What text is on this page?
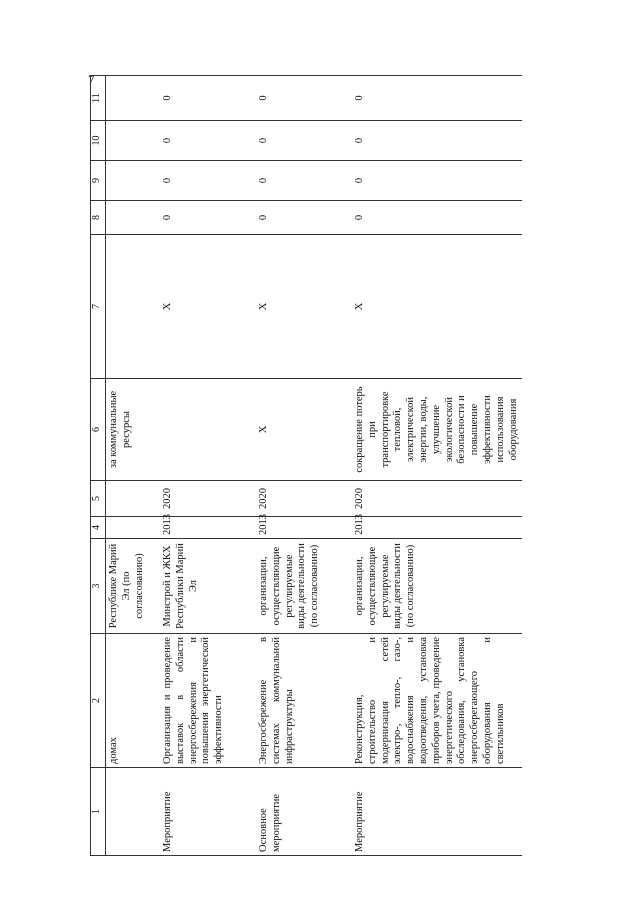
7
1	2	3	4	5	6	7	8	9	10	11
	домах	Республике Марий Эл (по согласованию)			за коммунальные ресурсы					
Мероприятие	Организация и проведение выставок в области энергосбережения и повышения энергетической эффективности	Минстрой и ЖКХ Республики Марий Эл	2013	2020		Х	0	0	0	0
Основное мероприятие	Энергосбережение в системах коммунальной инфраструктуры	организации, осуществляющие регулируемые виды деятельности (по согласованию)	2013	2020	Х	Х	0	0	0	0
Мероприятие	Реконструкция, строительство и модернизация сетей электро-, тепло-, газо-, водоснабжения и водоотведения, установка приборов учета, проведение энергетического обследования, установка энергосберегающего оборудования и светильников	организации, осуществляющие регулируемые виды деятельности (по согласованию)	2013	2020	сокращение потерь при транспортировке тепловой, электрической энергии, воды, улучшение экологической безопасности и повышение эффективности использования оборудования	Х	0	0	0	0
